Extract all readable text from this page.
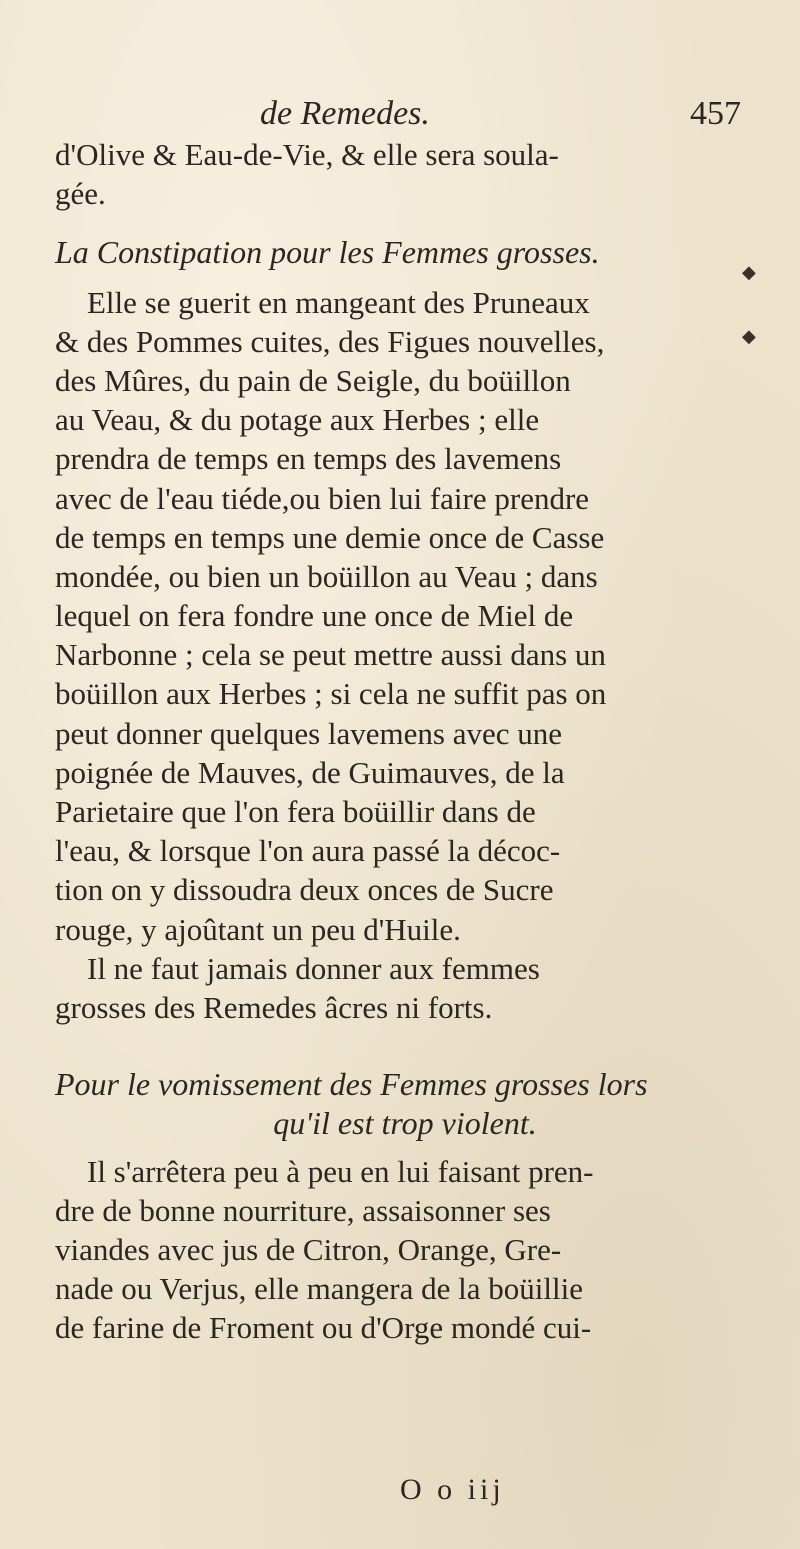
de Remedes.	457
◆
◆
d'Olive & Eau-de-Vie, & elle sera soula-
gée.
La Constipation pour les Femmes grosses.
Elle se guerit en mangeant des Pruneaux
& des Pommes cuites, des Figues nouvelles,
des Mûres, du pain de Seigle, du boüillon
au Veau, & du potage aux Herbes ; elle
prendra de temps en temps des lavemens
avec de l'eau tiéde,ou bien lui faire prendre
de temps en temps une demie once de Casse
mondée, ou bien un boüillon au Veau ; dans
lequel on fera fondre une once de Miel de
Narbonne ; cela se peut mettre aussi dans un
boüillon aux Herbes ; si cela ne suffit pas on
peut donner quelques lavemens avec une
poignée de Mauves, de Guimauves, de la
Parietaire que l'on fera boüillir dans de
l'eau, & lorsque l'on aura passé la décoc-
tion on y dissoudra deux onces de Sucre
rouge, y ajoûtant un peu d'Huile.
Il ne faut jamais donner aux femmes
grosses des Remedes âcres ni forts.
Pour le vomissement des Femmes grosses lors
qu'il est trop violent.
Il s'arrêtera peu à peu en lui faisant pren-
dre de bonne nourriture, assaisonner ses
viandes avec jus de Citron, Orange, Gre-
nade ou Verjus, elle mangera de la boüillie
de farine de Froment ou d'Orge mondé cui-
O o iij
